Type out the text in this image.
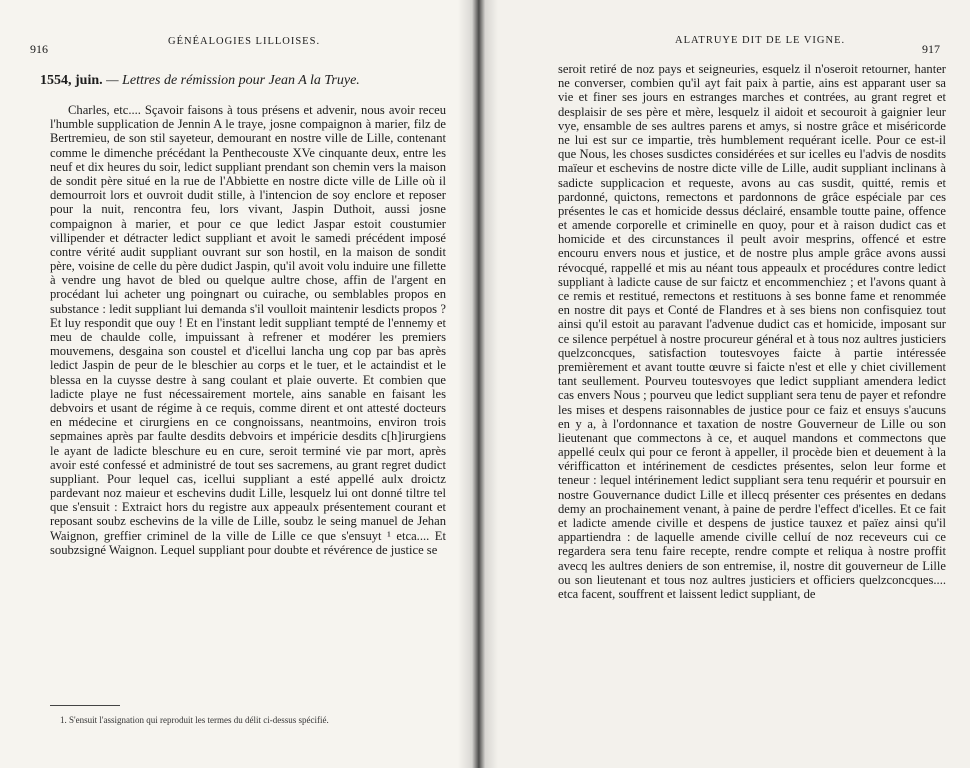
916
GÉNÉALOGIES LILLOISES.
1554, juin. — Lettres de rémission pour Jean A la Truye.
Charles, etc.... Sçavoir faisons à tous présens et advenir, nous avoir receu l'humble supplication de Jennin A le traye, josne compaignon à marier, filz de Bertremieu, de son stil sayeteur, demourant en nostre ville de Lille, contenant comme le dimenche précédant la Penthecouste XVe cinquante deux, entre les neuf et dix heures du soir, ledict suppliant prendant son chemin vers la maison de sondit père situé en la rue de l'Abbiette en nostre dicte ville de Lille où il demourroit lors et ouvroit dudit stille, à l'intencion de soy enclore et reposer pour la nuit, rencontra feu, lors vivant, Jaspin Duthoit, aussi josne compaignon à marier, et pour ce que ledict Jaspar estoit coustumier villipender et détracter ledict suppliant et avoit le samedi précédent imposé contre vérité audit suppliant ouvrant sur son hostil, en la maison de sondit père, voisine de celle du père dudict Jaspin, qu'il avoit volu induire une fillette à vendre ung havot de bled ou quelque aultre chose, affin de l'argent en procédant lui acheter ung poingnart ou cuirache, ou semblables propos en substance : ledit suppliant lui demanda s'il voulloit maintenir lesdicts propos ? Et luy respondit que ouy ! Et en l'instant ledit suppliant tempté de l'ennemy et meu de chaulde colle, impuissant à refrener et modérer les premiers mouvemens, desgaina son coustel et d'icellui lancha ung cop par bas après ledict Jaspin de peur de le bleschier au corps et le tuer, et le actaindist et le blessa en la cuysse destre à sang coulant et plaie ouverte. Et combien que ladicte playe ne fust nécessairement mortele, ains sanable en faisant les debvoirs et usant de régime à ce requis, comme dirent et ont attesté docteurs en médecine et cirurgiens en ce congnoissans, neantmoins, environ trois sepmaines après par faulte desdits debvoirs et impéricie desdits c[h]irurgiens le ayant de ladicte bleschure eu en cure, seroit terminé vie par mort, après avoir esté confessé et administré de tout ses sacremens, au grant regret dudict suppliant. Pour lequel cas, icellui suppliant a esté appellé aulx droictz pardevant noz maieur et eschevins dudit Lille, lesquelz lui ont donné tiltre tel que s'ensuit : Extraict hors du registre aux appeaulx présentement courant et reposant soubz eschevins de la ville de Lille, soubz le seing manuel de Jehan Waignon, greffier criminel de la ville de Lille ce que s'ensuyt ¹ etca.... Et soubzsigné Waignon. Lequel suppliant pour doubte et révérence de justice se
1. S'ensuit l'assignation qui reproduit les termes du délit ci-dessus spécifié.
ALATRUYE DIT DE LE VIGNE.
917
seroit retiré de noz pays et seigneuries, esquelz il n'oseroit retourner, hanter ne converser, combien qu'il ayt fait paix à partie, ains est apparant user sa vie et finer ses jours en estranges marches et contrées, au grant regret et desplaisir de ses père et mère, lesquelz il aidoit et secouroit à gaignier leur vye, ensamble de ses aultres parens et amys, si nostre grâce et miséricorde ne lui est sur ce impartie, très humblement requérant icelle. Pour ce est-il que Nous, les choses susdictes considérées et sur icelles eu l'advis de nosdits maïeur et eschevins de nostre dicte ville de Lille, audit suppliant inclinans à sadicte supplicacion et requeste, avons au cas susdit, quitté, remis et pardonné, quictons, remectons et pardonnons de grâce espéciale par ces présentes le cas et homicide dessus déclairé, ensamble toutte paine, offence et amende corporelle et criminelle en quoy, pour et à raison dudict cas et homicide et des circunstances il peult avoir mesprins, offencé et estre encouru envers nous et justice, et de nostre plus ample grâce avons aussi révocqué, rappellé et mis au néant tous appeaulx et procédures contre ledict suppliant à ladicte cause de sur faictz et encommenchiez ; et l'avons quant à ce remis et restitué, remectons et restituons à ses bonne fame et renommée en nostre dit pays et Conté de Flandres et à ses biens non confisquiez tout ainsi qu'il estoit au paravant l'advenue dudict cas et homicide, imposant sur ce silence perpétuel à nostre procureur général et à tous noz aultres justiciers quelzconcques, satisfaction toutesvoyes faicte à partie intéressée premièrement et avant toutte œuvre si faicte n'est et elle y chiet civillement tant seullement. Pourveu toutesvoyes que ledict suppliant amendera ledict cas envers Nous ; pourveu que ledict suppliant sera tenu de payer et refondre les mises et despens raisonnables de justice pour ce faiz et ensuys s'aucuns en y a, à l'ordonnance et taxation de nostre Gouverneur de Lille ou son lieutenant que commectons à ce, et auquel mandons et commectons que appellé ceulx qui pour ce feront à appeller, il procède bien et deuement à la vérifficatton et intérinement de cesdictes présentes, selon leur forme et teneur : lequel intérinement ledict suppliant sera tenu requérir et poursuir en nostre Gouvernance dudict Lille et illecq présenter ces présentes en dedans demy an prochainement venant, à paine de perdre l'effect d'icelles. Et ce fait et ladicte amende civille et despens de justice tauxez et païez ainsi qu'il appartiendra : de laquelle amende civille celluí de noz receveurs cui ce regardera sera tenu faire recepte, rendre compte et reliqua à nostre proffit avecq les aultres deniers de son entremise, il, nostre dit gouverneur de Lille ou son lieutenant et tous noz aultres justiciers et officiers quelzconcques.... etca facent, souffrent et laissent ledict suppliant, de
